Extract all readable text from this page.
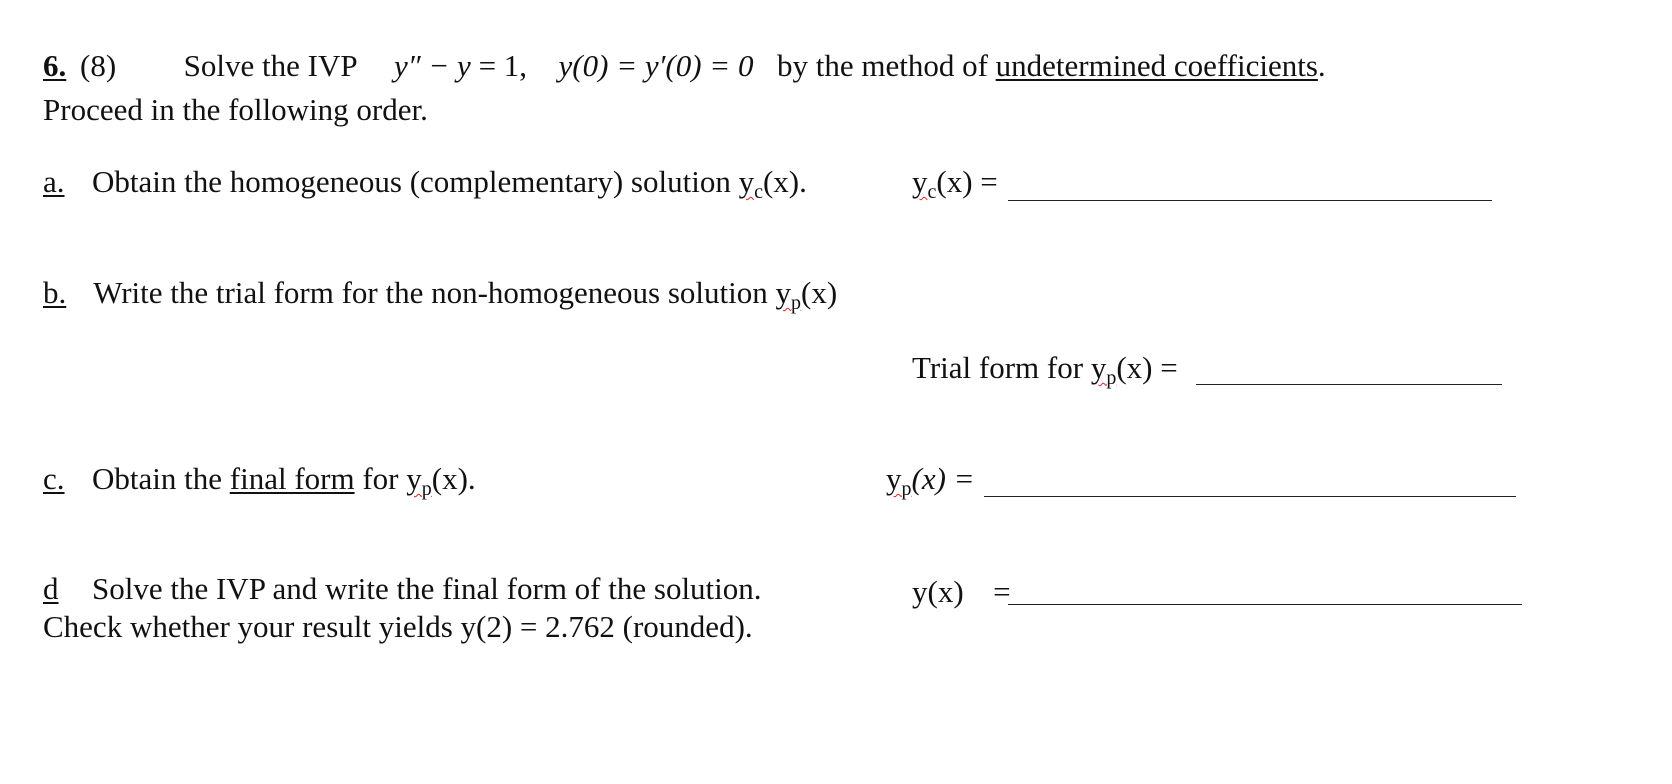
6. (8) Solve the IVP y″ − y = 1, y(0) = y′(0) = 0 by the method of undetermined coefficients.
Proceed in the following order.
a. Obtain the homogeneous (complementary) solution $y_c(x)$.	$y_c(x)$ =
b. Write the trial form for the non-homogeneous solution $y_p(x)$
Trial form for $y_p(x)$ =
c. Obtain the final form for $y_p(x)$.	$y_p(x)$ =
d Solve the IVP and write the final form of the solution.
Check whether your result yields y(2) = 2.762 (rounded).
y(x) =
